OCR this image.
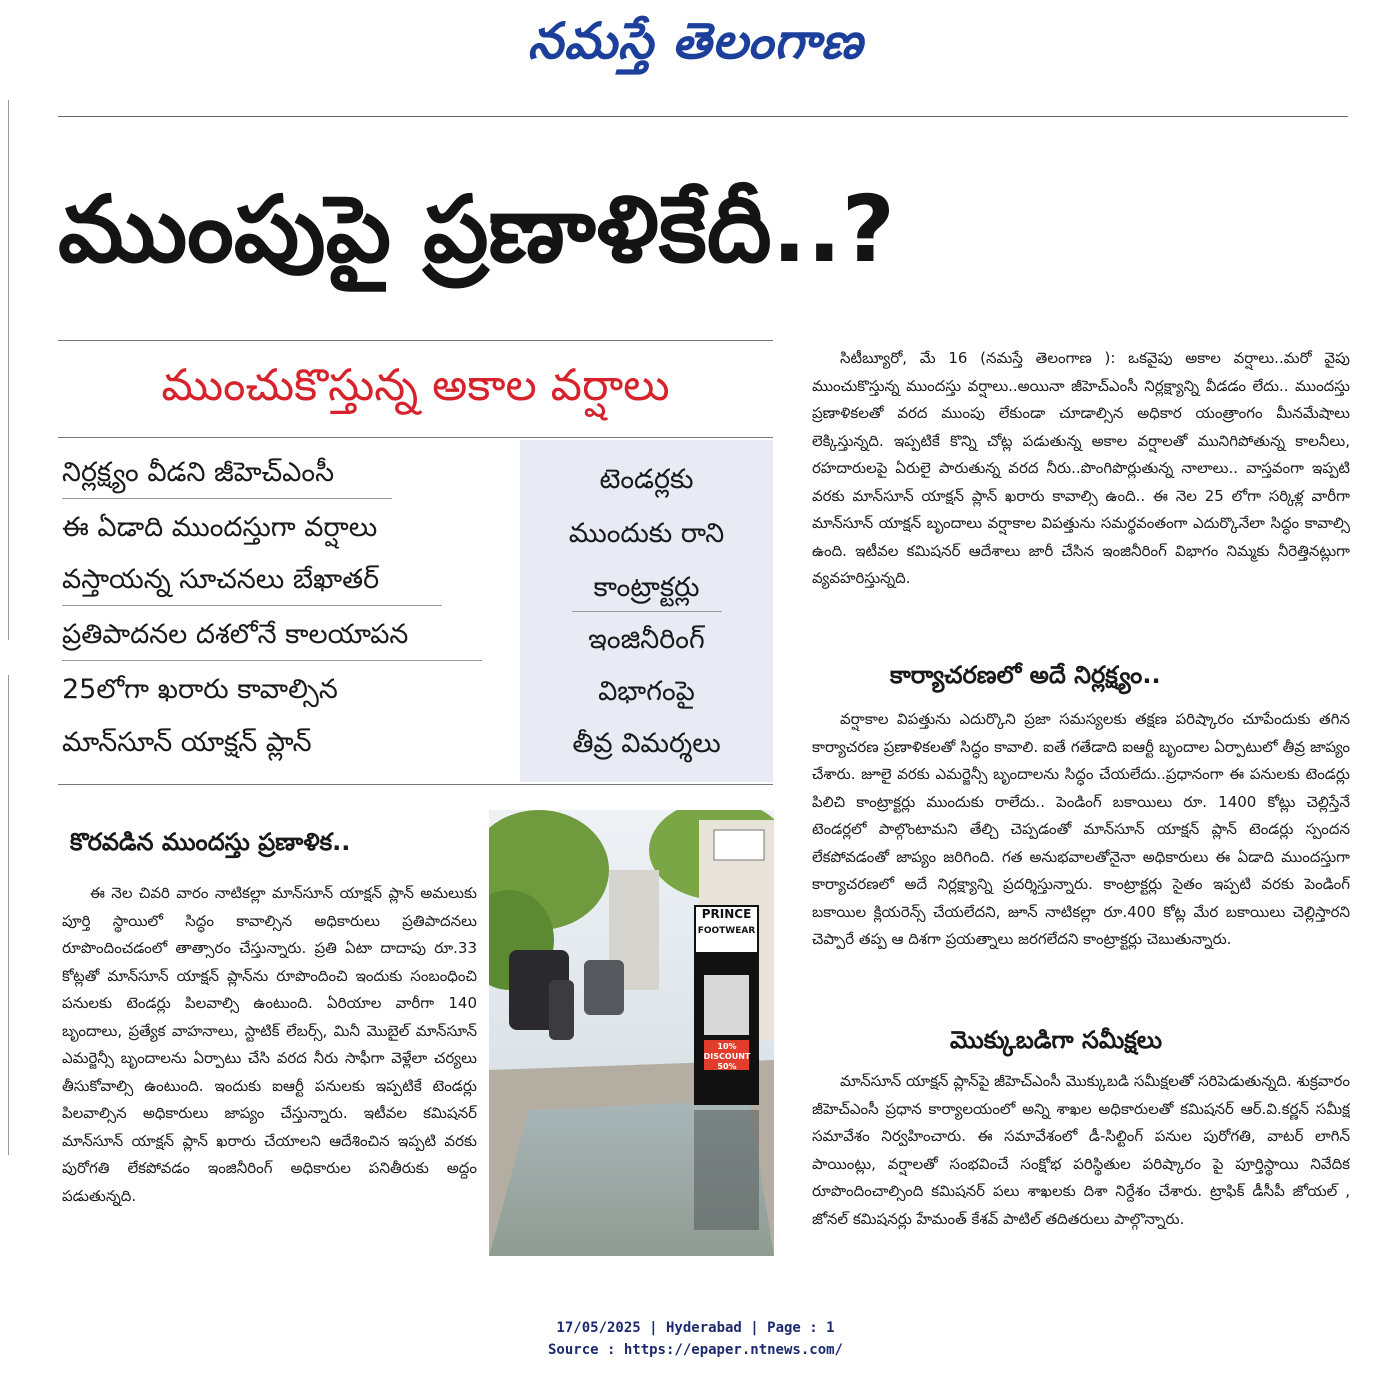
నమస్తే తెలంగాణ
ముంపుపై ప్రణాళికేదీ..?
ముంచుకొస్తున్న అకాల వర్షాలు
నిర్లక్ష్యం వీడని జీహెచ్ఎంసీ
ఈ ఏడాది ముందస్తుగా వర్షాలు
వస్తాయన్న సూచనలు బేఖాతర్
ప్రతిపాదనల దశలోనే కాలయాపన
25లోగా ఖరారు కావాల్సిన
మాన్‌సూన్ యాక్షన్ ప్లాన్
టెండర్లకు
ముందుకు రాని
కాంట్రాక్టర్లు
ఇంజినీరింగ్
విభాగంపై
తీవ్ర విమర్శలు
కొరవడిన ముందస్తు ప్రణాళిక..

ఈ నెల చివరి వారం నాటికల్లా మాన్‌సూన్ యాక్షన్ ప్లాన్ అమలుకు పూర్తి స్థాయిలో సిద్ధం కావాల్సిన అధికారులు ప్రతిపాదనలు రూపొందించడంలో తాత్సారం చేస్తున్నారు. ప్రతి ఏటా దాదాపు రూ.33 కోట్లతో మాన్‌సూన్ యాక్షన్ ప్లాన్‌ను రూపొందించి ఇందుకు సంబంధించి పనులకు టెండర్లు పిలవాల్సి ఉంటుంది. ఏరియాల వారీగా 140 బృందాలు, ప్రత్యేక వాహనాలు, స్టాటిక్ లేబర్స్, మినీ మొబైల్ మాన్‌సూన్ ఎమర్జెన్సీ బృందాలను ఏర్పాటు చేసి వరద నీరు సాఫీగా వెళ్లేలా చర్యలు తీసుకోవాల్సి ఉంటుంది. ఇందుకు ఐఆర్టీ పనులకు ఇప్పటికే టెండర్లు పిలవాల్సిన అధికారులు జాప్యం చేస్తున్నారు. ఇటీవల కమిషనర్ మాన్‌సూన్ యాక్షన్ ప్లాన్ ఖరారు చేయాలని ఆదేశించిన ఇప్పటి వరకు పురోగతి లేకపోవడం ఇంజినీరింగ్ అధికారుల పనితీరుకు అద్దం పడుతున్నది.

PRINCE
FOOTWEAR
10% DISCOUNT 50%

సిటీబ్యూరో, మే 16 (నమస్తే తెలంగాణ ): ఒకవైపు అకాల వర్షాలు..మరో వైపు ముంచుకొస్తున్న ముందస్తు వర్షాలు..అయినా జీహెచ్ఎంసీ నిర్లక్ష్యాన్ని వీడడం లేదు.. ముందస్తు ప్రణాళికలతో వరద ముంపు లేకుండా చూడాల్సిన అధికార యంత్రాంగం మీనమేషాలు లెక్కిస్తున్నది. ఇప్పటికే కొన్ని చోట్ల పడుతున్న అకాల వర్షాలతో మునిగిపోతున్న కాలనీలు, రహదారులపై ఏరులై పారుతున్న వరద నీరు..పొంగిపొర్లుతున్న నాలాలు.. వాస్తవంగా ఇప్పటి వరకు మాన్‌సూన్ యాక్షన్ ప్లాన్ ఖరారు కావాల్సి ఉంది.. ఈ నెల 25 లోగా సర్కిళ్ల వారీగా మాన్‌సూన్ యాక్షన్ బృందాలు వర్షాకాల విపత్తును సమర్థవంతంగా ఎదుర్కొనేలా సిద్ధం కావాల్సి ఉంది. ఇటీవల కమిషనర్ ఆదేశాలు జారీ చేసిన ఇంజినీరింగ్ విభాగం నిమ్మకు నీరెత్తినట్లుగా వ్యవహరిస్తున్నది.

కార్యాచరణలో అదే నిర్లక్ష్యం..

వర్షాకాల విపత్తును ఎదుర్కొని ప్రజా సమస్యలకు తక్షణ పరిష్కారం చూపేందుకు తగిన కార్యాచరణ ప్రణాళికలతో సిద్ధం కావాలి. ఐతే గతేడాది ఐఆర్టీ బృందాల ఏర్పాటులో తీవ్ర జాప్యం చేశారు. జూలై వరకు ఎమర్జెన్సీ బృందాలను సిద్ధం చేయలేదు..ప్రధానంగా ఈ పనులకు టెండర్లు పిలిచి కాంట్రాక్టర్లు ముందుకు రాలేదు.. పెండింగ్ బకాయిలు రూ. 1400 కోట్లు చెల్లిస్తేనే టెండర్లలో పాల్గొంటామని తేల్చి చెప్పడంతో మాన్‌సూన్ యాక్షన్ ప్లాన్ టెండర్లు స్పందన లేకపోవడంతో జాప్యం జరిగింది. గత అనుభవాలతోనైనా అధికారులు ఈ ఏడాది ముందస్తుగా కార్యాచరణలో అదే నిర్లక్ష్యాన్ని ప్రదర్శిస్తున్నారు. కాంట్రాక్టర్లు సైతం ఇప్పటి వరకు పెండింగ్ బకాయిల క్లియరెన్స్ చేయలేదని, జూన్ నాటికల్లా రూ.400 కోట్ల మేర బకాయిలు చెల్లిస్తారని చెప్పారే తప్ప ఆ దిశగా ప్రయత్నాలు జరగలేదని కాంట్రాక్టర్లు చెబుతున్నారు.

మొక్కుబడిగా సమీక్షలు

మాన్‌సూన్ యాక్షన్ ప్లాన్‌పై జీహెచ్ఎంసీ మొక్కుబడి సమీక్షలతో సరిపెడుతున్నది. శుక్రవారం జీహెచ్ఎంసీ ప్రధాన కార్యాలయంలో అన్ని శాఖల అధికారులతో కమిషనర్ ఆర్.వి.కర్ణన్ సమీక్ష సమావేశం నిర్వహించారు. ఈ సమావేశంలో డీ-సిల్టింగ్ పనుల పురోగతి, వాటర్ లాగిన్ పాయింట్లు, వర్షాలతో సంభవించే సంక్షోభ పరిస్థితుల పరిష్కారం పై పూర్తిస్థాయి నివేదిక రూపొందించాల్సింది కమిషనర్ పలు శాఖలకు దిశా నిర్దేశం చేశారు. ట్రాఫిక్ డీసీపీ జోయల్ , జోనల్ కమిషనర్లు హేమంత్ కేశవ్ పాటిల్ తదితరులు పాల్గొన్నారు.

17/05/2025 | Hyderabad | Page : 1
Source : https://epaper.ntnews.com/
